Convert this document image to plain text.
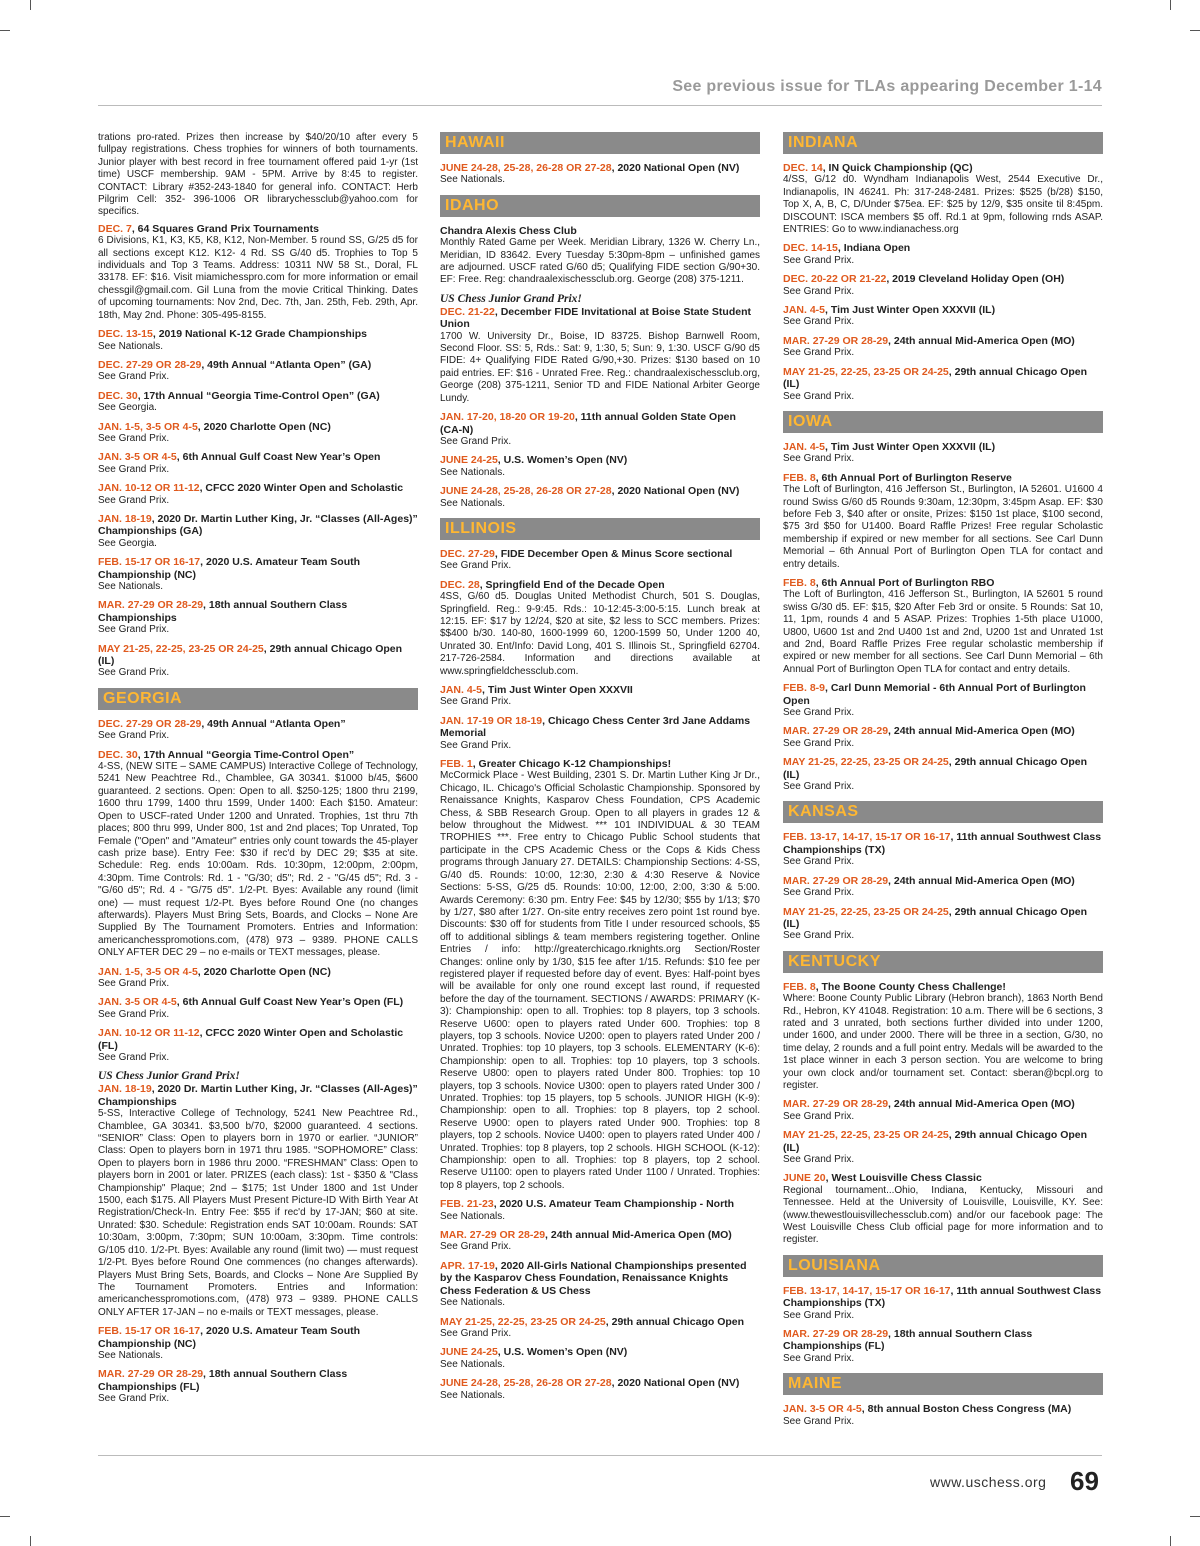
See previous issue for TLAs appearing December 1-14
trations pro-rated. Prizes then increase by $40/20/10 after every 5 fullpay registrations. Chess trophies for winners of both tournaments. Junior player with best record in free tournament offered paid 1-yr (1st time) USCF membership. 9AM - 5PM. Arrive by 8:45 to register. CONTACT: Library #352-243-1840 for general info. CONTACT: Herb Pilgrim Cell: 352- 396-1006 OR librarychessclub@yahoo.com for specifics.
DEC. 7, 64 Squares Grand Prix Tournaments
6 Divisions, K1, K3, K5, K8, K12, Non-Member. 5 round SS, G/25 d5 for all sections except K12. K12- 4 Rd. SS G/40 d5. Trophies to Top 5 individuals and Top 3 Teams. Address: 10311 NW 58 St., Doral, FL 33178. EF: $16. Visit miamichesspro.com for more information or email chessgil@gmail.com. Gil Luna from the movie Critical Thinking. Dates of upcoming tournaments: Nov 2nd, Dec. 7th, Jan. 25th, Feb. 29th, Apr. 18th, May 2nd. Phone: 305-495-8155.
DEC. 13-15, 2019 National K-12 Grade Championships
See Nationals.
DEC. 27-29 OR 28-29, 49th Annual “Atlanta Open” (GA)
See Grand Prix.
DEC. 30, 17th Annual “Georgia Time-Control Open” (GA)
See Georgia.
JAN. 1-5, 3-5 OR 4-5, 2020 Charlotte Open (NC)
See Grand Prix.
JAN. 3-5 OR 4-5, 6th Annual Gulf Coast New Year’s Open
See Grand Prix.
JAN. 10-12 OR 11-12, CFCC 2020 Winter Open and Scholastic
See Grand Prix.
JAN. 18-19, 2020 Dr. Martin Luther King, Jr. “Classes (All-Ages)” Championships (GA)
See Georgia.
FEB. 15-17 OR 16-17, 2020 U.S. Amateur Team South Championship (NC)
See Nationals.
MAR. 27-29 OR 28-29, 18th annual Southern Class Championships
See Grand Prix.
MAY 21-25, 22-25, 23-25 OR 24-25, 29th annual Chicago Open (IL)
See Grand Prix.
GEORGIA
DEC. 27-29 OR 28-29, 49th Annual “Atlanta Open”
See Grand Prix.
DEC. 30, 17th Annual “Georgia Time-Control Open”
4-SS, (NEW SITE – SAME CAMPUS) Interactive College of Technology, 5241 New Peachtree Rd., Chamblee, GA 30341. $1000 b/45, $600 guaranteed. 2 sections. Open: Open to all. $250-125; 1800 thru 2199, 1600 thru 1799, 1400 thru 1599, Under 1400: Each $150. Amateur: Open to USCF-rated Under 1200 and Unrated. Trophies, 1st thru 7th places; 800 thru 999, Under 800, 1st and 2nd places; Top Unrated, Top Female ("Open" and "Amateur" entries only count towards the 45-player cash prize base). Entry Fee: $30 if rec'd by DEC 29; $35 at site. Schedule: Reg. ends 10:00am. Rds. 10:30pm, 12:00pm, 2:00pm, 4:30pm. Time Controls: Rd. 1 - "G/30; d5"; Rd. 2 - "G/45 d5"; Rd. 3 - "G/60 d5"; Rd. 4 - "G/75 d5". 1/2-Pt. Byes: Available any round (limit one) — must request 1/2-Pt. Byes before Round One (no changes afterwards). Players Must Bring Sets, Boards, and Clocks – None Are Supplied By The Tournament Promoters. Entries and Information: americanchesspromotions.com, (478) 973 – 9389. PHONE CALLS ONLY AFTER DEC 29 – no e-mails or TEXT messages, please.
JAN. 1-5, 3-5 OR 4-5, 2020 Charlotte Open (NC)
See Grand Prix.
JAN. 3-5 OR 4-5, 6th Annual Gulf Coast New Year’s Open (FL)
See Grand Prix.
JAN. 10-12 OR 11-12, CFCC 2020 Winter Open and Scholastic (FL)
See Grand Prix.
US Chess Junior Grand Prix!
JAN. 18-19, 2020 Dr. Martin Luther King, Jr. “Classes (All-Ages)” Championships
5-SS, Interactive College of Technology, 5241 New Peachtree Rd., Chamblee, GA 30341. $3,500 b/70, $2000 guaranteed. 4 sections. “SENIOR” Class: Open to players born in 1970 or earlier. “JUNIOR” Class: Open to players born in 1971 thru 1985. “SOPHOMORE” Class: Open to players born in 1986 thru 2000. “FRESHMAN” Class: Open to players born in 2001 or later. PRIZES (each class): 1st - $350 & "Class Championship" Plaque; 2nd – $175; 1st Under 1800 and 1st Under 1500, each $175. All Players Must Present Picture-ID With Birth Year At Registration/Check-In. Entry Fee: $55 if rec'd by 17-JAN; $60 at site. Unrated: $30. Schedule: Registration ends SAT 10:00am. Rounds: SAT 10:30am, 3:00pm, 7:30pm; SUN 10:00am, 3:30pm. Time controls: G/105 d10. 1/2-Pt. Byes: Available any round (limit two) — must request 1/2-Pt. Byes before Round One commences (no changes afterwards). Players Must Bring Sets, Boards, and Clocks – None Are Supplied By The Tournament Promoters. Entries and Information: americanchesspromotions.com, (478) 973 – 9389. PHONE CALLS ONLY AFTER 17-JAN – no e-mails or TEXT messages, please.
FEB. 15-17 OR 16-17, 2020 U.S. Amateur Team South Championship (NC)
See Nationals.
MAR. 27-29 OR 28-29, 18th annual Southern Class Championships (FL)
See Grand Prix.
HAWAII
JUNE 24-28, 25-28, 26-28 OR 27-28, 2020 National Open (NV)
See Nationals.
IDAHO
Chandra Alexis Chess Club
Monthly Rated Game per Week. Meridian Library, 1326 W. Cherry Ln., Meridian, ID 83642. Every Tuesday 5:30pm-8pm – unfinished games are adjourned. USCF rated G/60 d5; Qualifying FIDE section G/90+30. EF: Free. Reg: chandraalexischessclub.org. George (208) 375-1211.
US Chess Junior Grand Prix!
DEC. 21-22, December FIDE Invitational at Boise State Student Union
1700 W. University Dr., Boise, ID 83725. Bishop Barnwell Room, Second Floor. SS: 5, Rds.: Sat: 9, 1:30, 5; Sun: 9, 1:30. USCF G/90 d5 FIDE: 4+ Qualifying FIDE Rated G/90,+30. Prizes: $130 based on 10 paid entries. EF: $16 - Unrated Free. Reg.: chandraalexischessclub.org, George (208) 375-1211, Senior TD and FIDE National Arbiter George Lundy.
JAN. 17-20, 18-20 OR 19-20, 11th annual Golden State Open (CA-N)
See Grand Prix.
JUNE 24-25, U.S. Women’s Open (NV)
See Nationals.
JUNE 24-28, 25-28, 26-28 OR 27-28, 2020 National Open (NV)
See Nationals.
ILLINOIS
DEC. 27-29, FIDE December Open & Minus Score sectional
See Grand Prix.
DEC. 28, Springfield End of the Decade Open
4SS, G/60 d5. Douglas United Methodist Church, 501 S. Douglas, Springfield. Reg.: 9-9:45. Rds.: 10-12:45-3:00-5:15. Lunch break at 12:15. EF: $17 by 12/24, $20 at site, $2 less to SCC members. Prizes: $$400 b/30. 140-80, 1600-1999 60, 1200-1599 50, Under 1200 40, Unrated 30. Ent/Info: David Long, 401 S. Illinois St., Springfield 62704. 217-726-2584. Information and directions available at www.springfieldchessclub.com.
JAN. 4-5, Tim Just Winter Open XXXVII
See Grand Prix.
JAN. 17-19 OR 18-19, Chicago Chess Center 3rd Jane Addams Memorial
See Grand Prix.
FEB. 1, Greater Chicago K-12 Championships!
McCormick Place - West Building, 2301 S. Dr. Martin Luther King Jr Dr., Chicago, IL. Chicago's Official Scholastic Championship. Sponsored by Renaissance Knights, Kasparov Chess Foundation, CPS Academic Chess, & SBB Research Group. Open to all players in grades 12 & below throughout the Midwest. *** 101 INDIVIDUAL & 30 TEAM TROPHIES ***. Free entry to Chicago Public School students that participate in the CPS Academic Chess or the Cops & Kids Chess programs through January 27. DETAILS: Championship Sections: 4-SS, G/40 d5. Rounds: 10:00, 12:30, 2:30 & 4:30 Reserve & Novice Sections: 5-SS, G/25 d5. Rounds: 10:00, 12:00, 2:00, 3:30 & 5:00. Awards Ceremony: 6:30 pm. Entry Fee: $45 by 12/30; $55 by 1/13; $70 by 1/27, $80 after 1/27. On-site entry receives zero point 1st round bye. Discounts: $30 off for students from Title I under resourced schools, $5 off to additional siblings & team members registering together. Online Entries / info: http://greaterchicago.rknights.org Section/Roster Changes: online only by 1/30, $15 fee after 1/15. Refunds: $10 fee per registered player if requested before day of event. Byes: Half-point byes will be available for only one round except last round, if requested before the day of the tournament. SECTIONS / AWARDS: PRIMARY (K-3): Championship: open to all. Trophies: top 8 players, top 3 schools. Reserve U600: open to players rated Under 600. Trophies: top 8 players, top 3 schools. Novice U200: open to players rated Under 200 / Unrated. Trophies: top 10 players, top 3 schools. ELEMENTARY (K-6): Championship: open to all. Trophies: top 10 players, top 3 schools. Reserve U800: open to players rated Under 800. Trophies: top 10 players, top 3 schools. Novice U300: open to players rated Under 300 / Unrated. Trophies: top 15 players, top 5 schools. JUNIOR HIGH (K-9): Championship: open to all. Trophies: top 8 players, top 2 school. Reserve U900: open to players rated Under 900. Trophies: top 8 players, top 2 schools. Novice U400: open to players rated Under 400 / Unrated. Trophies: top 8 players, top 2 schools. HIGH SCHOOL (K-12): Championship: open to all. Trophies: top 8 players, top 2 school. Reserve U1100: open to players rated Under 1100 / Unrated. Trophies: top 8 players, top 2 schools.
FEB. 21-23, 2020 U.S. Amateur Team Championship - North
See Nationals.
MAR. 27-29 OR 28-29, 24th annual Mid-America Open (MO)
See Grand Prix.
APR. 17-19, 2020 All-Girls National Championships presented by the Kasparov Chess Foundation, Renaissance Knights Chess Federation & US Chess
See Nationals.
MAY 21-25, 22-25, 23-25 OR 24-25, 29th annual Chicago Open
See Grand Prix.
JUNE 24-25, U.S. Women’s Open (NV)
See Nationals.
JUNE 24-28, 25-28, 26-28 OR 27-28, 2020 National Open (NV)
See Nationals.
INDIANA
DEC. 14, IN Quick Championship (QC)
4/SS, G/12 d0. Wyndham Indianapolis West, 2544 Executive Dr., Indianapolis, IN 46241. Ph: 317-248-2481. Prizes: $525 (b/28) $150, Top X, A, B, C, D/Under $75ea. EF: $25 by 12/9, $35 onsite til 8:45pm. DISCOUNT: ISCA members $5 off. Rd.1 at 9pm, following rnds ASAP. ENTRIES: Go to www.indianachess.org
DEC. 14-15, Indiana Open
See Grand Prix.
DEC. 20-22 OR 21-22, 2019 Cleveland Holiday Open (OH)
See Grand Prix.
JAN. 4-5, Tim Just Winter Open XXXVII (IL)
See Grand Prix.
MAR. 27-29 OR 28-29, 24th annual Mid-America Open (MO)
See Grand Prix.
MAY 21-25, 22-25, 23-25 OR 24-25, 29th annual Chicago Open (IL)
See Grand Prix.
IOWA
JAN. 4-5, Tim Just Winter Open XXXVII (IL)
See Grand Prix.
FEB. 8, 6th Annual Port of Burlington Reserve
The Loft of Burlington, 416 Jefferson St., Burlington, IA 52601. U1600 4 round Swiss G/60 d5 Rounds 9:30am, 12:30pm, 3:45pm Asap. EF: $30 before Feb 3, $40 after or onsite, Prizes: $150 1st place, $100 second, $75 3rd $50 for U1400. Board Raffle Prizes! Free regular Scholastic membership if expired or new member for all sections. See Carl Dunn Memorial – 6th Annual Port of Burlington Open TLA for contact and entry details.
FEB. 8, 6th Annual Port of Burlington RBO
The Loft of Burlington, 416 Jefferson St., Burlington, IA 52601 5 round swiss G/30 d5. EF: $15, $20 After Feb 3rd or onsite. 5 Rounds: Sat 10, 11, 1pm, rounds 4 and 5 ASAP. Prizes: Trophies 1-5th place U1000, U800, U600 1st and 2nd U400 1st and 2nd, U200 1st and Unrated 1st and 2nd, Board Raffle Prizes Free regular scholastic membership if expired or new member for all sections. See Carl Dunn Memorial – 6th Annual Port of Burlington Open TLA for contact and entry details.
FEB. 8-9, Carl Dunn Memorial - 6th Annual Port of Burlington Open
See Grand Prix.
MAR. 27-29 OR 28-29, 24th annual Mid-America Open (MO)
See Grand Prix.
MAY 21-25, 22-25, 23-25 OR 24-25, 29th annual Chicago Open (IL)
See Grand Prix.
KANSAS
FEB. 13-17, 14-17, 15-17 OR 16-17, 11th annual Southwest Class Championships (TX)
See Grand Prix.
MAR. 27-29 OR 28-29, 24th annual Mid-America Open (MO)
See Grand Prix.
MAY 21-25, 22-25, 23-25 OR 24-25, 29th annual Chicago Open (IL)
See Grand Prix.
KENTUCKY
FEB. 8, The Boone County Chess Challenge!
Where: Boone County Public Library (Hebron branch), 1863 North Bend Rd., Hebron, KY 41048. Registration: 10 a.m. There will be 6 sections, 3 rated and 3 unrated, both sections further divided into under 1200, under 1600, and under 2000. There will be three in a section, G/30, no time delay, 2 rounds and a full point entry. Medals will be awarded to the 1st place winner in each 3 person section. You are welcome to bring your own clock and/or tournament set. Contact: sberan@bcpl.org to register.
MAR. 27-29 OR 28-29, 24th annual Mid-America Open (MO)
See Grand Prix.
MAY 21-25, 22-25, 23-25 OR 24-25, 29th annual Chicago Open (IL)
See Grand Prix.
JUNE 20, West Louisville Chess Classic
Regional tournament...Ohio, Indiana, Kentucky, Missouri and Tennessee. Held at the University of Louisville, Louisville, KY. See: (www.thewestlouisvillechessclub.com) and/or our facebook page: The West Louisville Chess Club official page for more information and to register.
LOUISIANA
FEB. 13-17, 14-17, 15-17 OR 16-17, 11th annual Southwest Class Championships (TX)
See Grand Prix.
MAR. 27-29 OR 28-29, 18th annual Southern Class Championships (FL)
See Grand Prix.
MAINE
JAN. 3-5 OR 4-5, 8th annual Boston Chess Congress (MA)
See Grand Prix.
www.uschess.org 69
